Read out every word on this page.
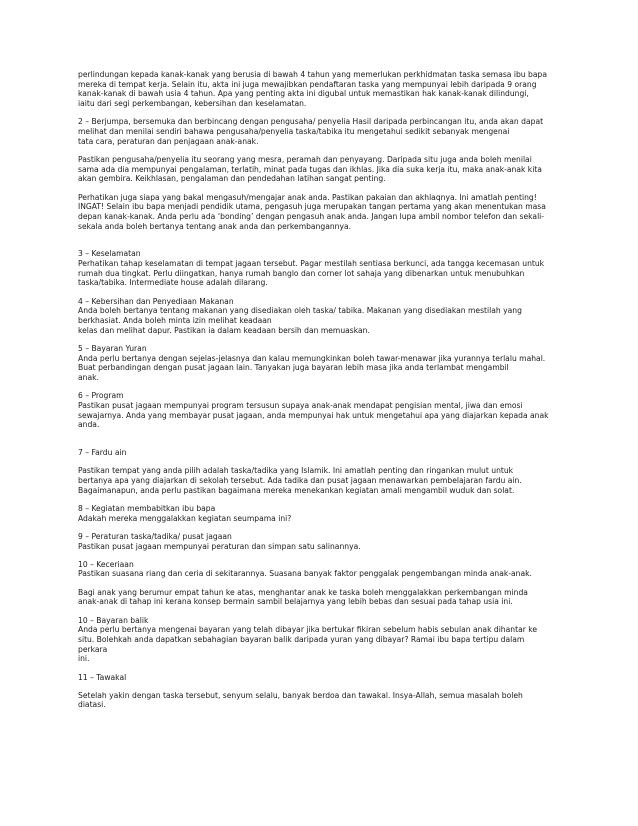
perlindungan kepada kanak-kanak yang berusia di bawah 4 tahun yang memerlukan perkhidmatan taska semasa ibu bapa
mereka di tempat kerja. Selain itu, akta ini juga mewajibkan pendaftaran taska yang mempunyai lebih daripada 9 orang
kanak-kanak di bawah usia 4 tahun. Apa yang penting akta ini digubal untuk memastikan hak kanak-kanak dilindungi,
iaitu dari segi perkembangan, kebersihan dan keselamatan.

2 – Berjumpa, bersemuka dan berbincang dengan pengusaha/ penyelia Hasil daripada perbincangan itu, anda akan dapat
melihat dan menilai sendiri bahawa pengusaha/penyelia taska/tabika itu mengetahui sedikit sebanyak mengenai
tata cara, peraturan dan penjagaan anak-anak.

Pastikan pengusaha/penyelia itu seorang yang mesra, peramah dan penyayang. Daripada situ juga anda boleh menilai
sama ada dia mempunyai pengalaman, terlatih, minat pada tugas dan ikhlas. Jika dia suka kerja itu, maka anak-anak kita
akan gembira. Keikhlasan, pengalaman dan pendedahan latihan sangat penting.

Perhatikan juga siapa yang bakal mengasuh/mengajar anak anda. Pastikan pakaian dan akhlaqnya. Ini amatlah penting!
INGAT! Selain ibu bapa menjadi pendidik utama, pengasuh juga merupakan tangan pertama yang akan menentukan masa
depan kanak-kanak. Anda perlu ada ‘bonding’ dengan pengasuh anak anda. Jangan lupa ambil nombor telefon dan sekali-
sekala anda boleh bertanya tentang anak anda dan perkembangannya.

3 – Keselamatan
Perhatikan tahap keselamatan di tempat jagaan tersebut. Pagar mestilah sentiasa berkunci, ada tangga kecemasan untuk
rumah dua tingkat. Perlu diingatkan, hanya rumah banglo dan corner lot sahaja yang dibenarkan untuk menubuhkan
taska/tabika. Intermediate house adalah dilarang.

4 – Kebersihan dan Penyediaan Makanan
Anda boleh bertanya tentang makanan yang disediakan oleh taska/ tabika. Makanan yang disediakan mestilah yang
berkhasiat. Anda boleh minta izin melihat keadaan
kelas dan melihat dapur. Pastikan ia dalam keadaan bersih dan memuaskan.

5 – Bayaran Yuran
Anda perlu bertanya dengan sejelas-jelasnya dan kalau memungkinkan boleh tawar-menawar jika yurannya terlalu mahal.
Buat perbandingan dengan pusat jagaan lain. Tanyakan juga bayaran lebih masa jika anda terlambat mengambil
anak.

6 – Program
Pastikan pusat jagaan mempunyai program tersusun supaya anak-anak mendapat pengisian mental, jiwa dan emosi
sewajarnya. Anda yang membayar pusat jagaan, anda mempunyai hak untuk mengetahui apa yang diajarkan kepada anak
anda.

7 – Fardu ain

Pastikan tempat yang anda pilih adalah taska/tadika yang Islamik. Ini amatlah penting dan ringankan mulut untuk
bertanya apa yang diajarkan di sekolah tersebut. Ada tadika dan pusat jagaan menawarkan pembelajaran fardu ain.
Bagaimanapun, anda perlu pastikan bagaimana mereka menekankan kegiatan amali mengambil wuduk dan solat.

8 – Kegiatan membabitkan ibu bapa
Adakah mereka menggalakkan kegiatan seumpama ini?

9 – Peraturan taska/tadika/ pusat jagaan
Pastikan pusat jagaan mempunyai peraturan dan simpan satu salinannya.

10 – Keceriaan
Pastikan suasana riang dan ceria di sekitarannya. Suasana banyak faktor penggalak pengembangan minda anak-anak.

Bagi anak yang berumur empat tahun ke atas, menghantar anak ke taska boleh menggalakkan perkembangan minda
anak-anak di tahap ini kerana konsep bermain sambil belajarnya yang lebih bebas dan sesuai pada tahap usia ini.

10 – Bayaran balik
Anda perlu bertanya mengenai bayaran yang telah dibayar jika bertukar fikiran sebelum habis sebulan anak dihantar ke
situ. Bolehkah anda dapatkan sebahagian bayaran balik daripada yuran yang dibayar? Ramai ibu bapa tertipu dalam
perkara
ini.

11 – Tawakal

Setelah yakin dengan taska tersebut, senyum selalu, banyak berdoa dan tawakal. Insya-Allah, semua masalah boleh
diatasi.
